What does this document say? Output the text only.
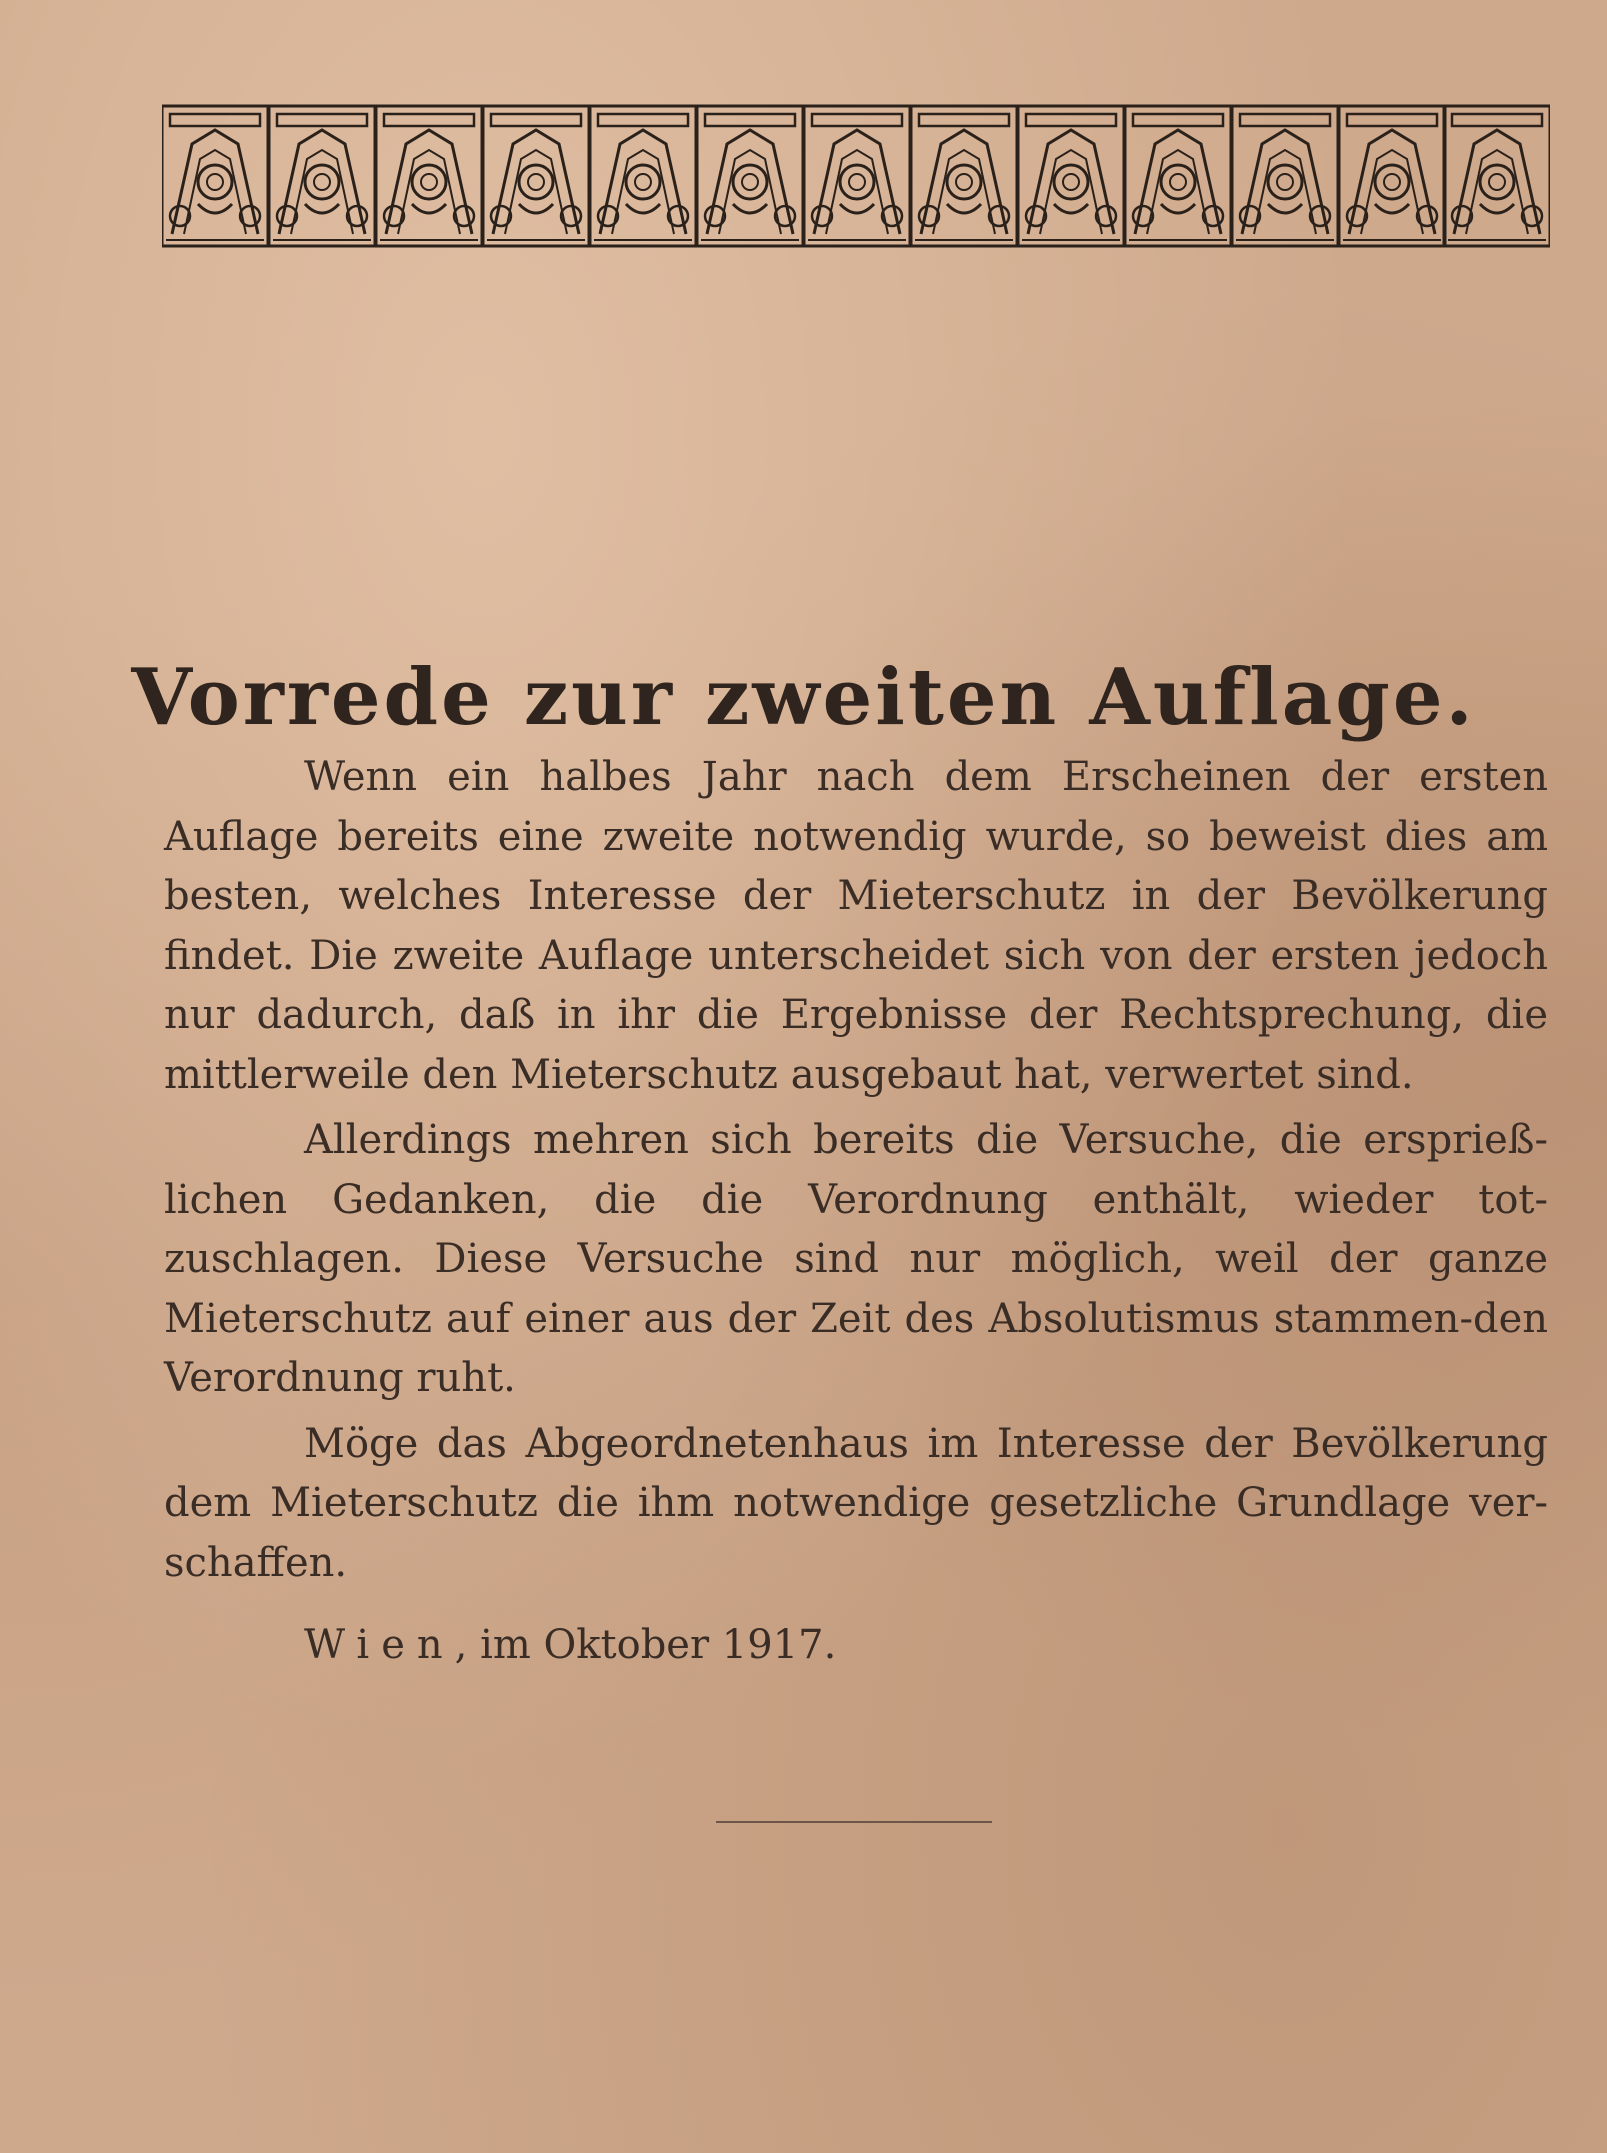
Vorrede zur zweiten Auflage.

Wenn ein halbes Jahr nach dem Erscheinen der ersten Auflage bereits eine zweite notwendig wurde, so beweist dies am besten, welches Interesse der Mieterschutz in der Bevölkerung findet. Die zweite Auflage unterscheidet sich von der ersten jedoch nur dadurch, daß in ihr die Ergebnisse der Rechtsprechung, die mittlerweile den Mieterschutz ausgebaut hat, verwertet sind.

Allerdings mehren sich bereits die Versuche, die ersprieß-lichen Gedanken, die die Verordnung enthält, wieder tot-zuschlagen. Diese Versuche sind nur möglich, weil der ganze Mieterschutz auf einer aus der Zeit des Absolutismus stammen-den Verordnung ruht.

Möge das Abgeordnetenhaus im Interesse der Bevölkerung dem Mieterschutz die ihm notwendige gesetzliche Grundlage ver-schaffen.

Wien, im Oktober 1917.
